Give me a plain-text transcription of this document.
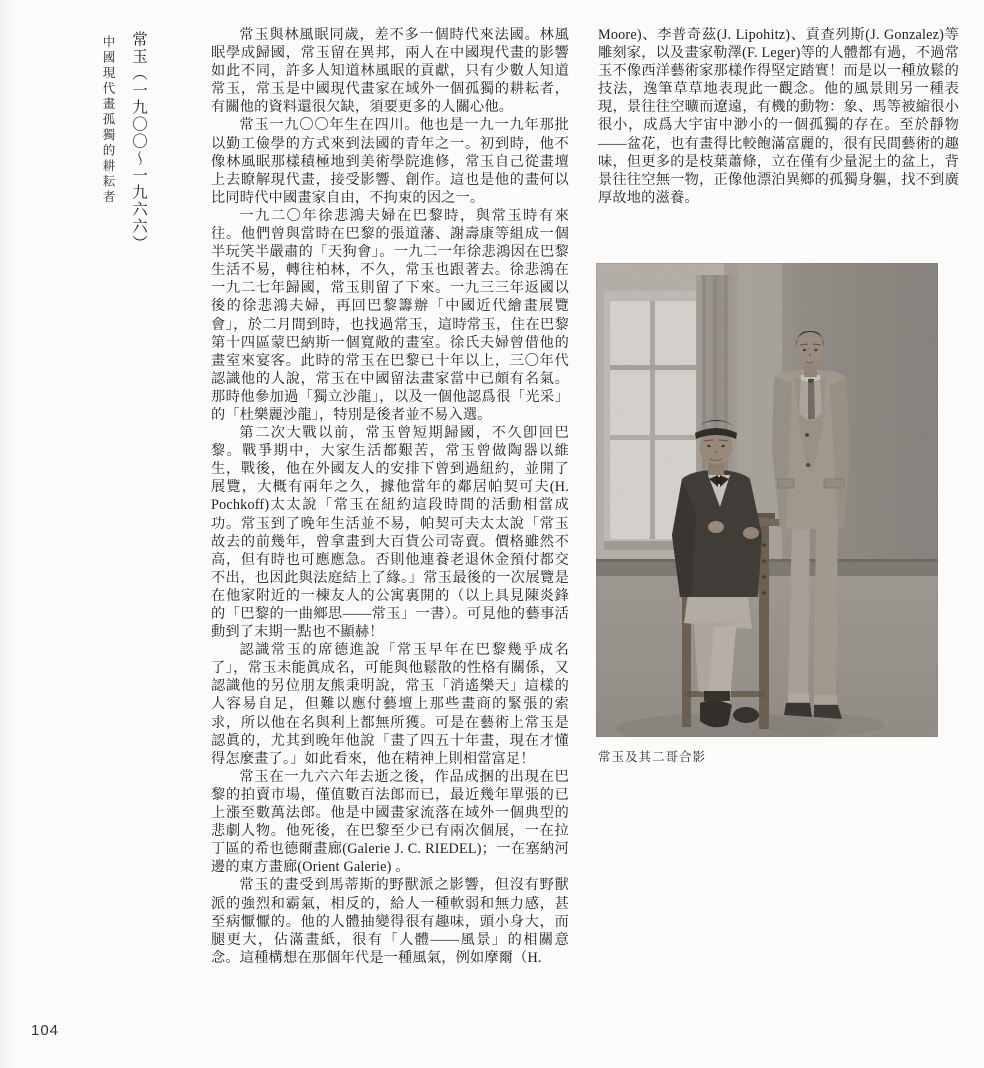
常玉（一九〇〇～一九六六）
中國現代畫孤獨的耕耘者	常玉與林風眠同歲，差不多一個時代來法國。林風眠學成歸國，常玉留在異邦，兩人在中國現代畫的影響如此不同，許多人知道林風眠的貢獻，只有少數人知道常玉，常玉是中國現代畫家在域外一個孤獨的耕耘者，有關他的資料還很欠缺，須要更多的人關心他。

常玉一九〇〇年生在四川。他也是一九一九年那批以勤工儉學的方式來到法國的青年之一。初到時，他不像林風眠那樣積極地到美術學院進修，常玉自己從畫壇上去瞭解現代畫，接受影響、創作。這也是他的畫何以比同時代中國畫家自由，不拘束的因之一。

一九二〇年徐悲鴻夫婦在巴黎時，與常玉時有來往。他們曾與當時在巴黎的張道藩、謝壽康等組成一個半玩笑半嚴肅的「天狗會」。一九二一年徐悲鴻因在巴黎生活不易，轉往柏林，不久，常玉也跟著去。徐悲鴻在一九二七年歸國，常玉則留了下來。一九三三年返國以後的徐悲鴻夫婦，再回巴黎籌辦「中國近代繪畫展覽會」，於二月間到時，也找過常玉，這時常玉，住在巴黎第十四區蒙巴納斯一個寬敞的畫室。徐氏夫婦曾借他的畫室來宴客。此時的常玉在巴黎已十年以上，三〇年代認識他的人說，常玉在中國留法畫家當中已頗有名氣。那時他參加過「獨立沙龍」，以及一個他認爲很「光采」的「杜樂麗沙龍」，特別是後者並不易入選。

第二次大戰以前，常玉曾短期歸國，不久卽回巴黎。戰爭期中，大家生活都艱苦，常玉曾做陶器以維生，戰後，他在外國友人的安排下曾到過紐約，並開了展覽，大概有兩年之久，據他當年的鄰居帕契可夫(H. Pochkoff)太太說「常玉在紐約這段時間的活動相當成功。常玉到了晚年生活並不易，帕契可夫太太說「常玉故去的前幾年，曾拿畫到大百貨公司寄賣。價格雖然不高，但有時也可應應急。否則他連養老退休金預付都交不出，也因此與法庭結上了緣。」常玉最後的一次展覽是在他家附近的一棟友人的公寓裏開的（以上具見陳炎鋒的「巴黎的一曲鄉思——常玉」一書）。可見他的藝事活動到了末期一點也不顯赫！

認識常玉的席德進說「常玉早年在巴黎幾乎成名了」，常玉未能眞成名，可能與他鬆散的性格有關係，又認識他的另位朋友熊秉明說，常玉「消遙樂天」這樣的人容易自足，但難以應付藝壇上那些畫商的緊張的索求，所以他在名與利上都無所獲。可是在藝術上常玉是認眞的，尤其到晚年他說「畫了四五十年畫，現在才懂得怎麼畫了。」如此看來，他在精神上則相當富足！

常玉在一九六六年去逝之後，作品成捆的出現在巴黎的拍賣市場，僅值數百法郎而已，最近幾年單張的已上漲至數萬法郎。他是中國畫家流落在域外一個典型的悲劇人物。他死後，在巴黎至少已有兩次個展，一在拉丁區的希也德爾畫廊(Galerie J. C. RIEDEL)；一在塞納河邊的東方畫廊(Orient Galerie) 。

常玉的畫受到馬蒂斯的野獸派之影響，但沒有野獸派的強烈和霸氣，相反的，給人一種軟弱和無力感，甚至病懨懨的。他的人體抽變得很有趣味，頭小身大，而腿更大，佔滿畫紙，很有「人體——風景」的相關意念。這種構想在那個年代是一種風氣，例如摩爾（H.

Moore)、李普奇茲(J. Lipohitz)、貢查列斯(J. Gonzalez)等雕刻家，以及畫家勒澤(F. Leger)等的人體都有過，不過常玉不像西洋藝術家那樣作得堅定踏實！而是以一種放鬆的技法，逸筆草草地表現此一觀念。他的風景則另一種表現，景往往空曠而遼遠，有機的動物：象、馬等被縮很小很小，成爲大宇宙中渺小的一個孤獨的存在。至於靜物——盆花，也有畫得比較飽滿富麗的，很有民間藝術的趣味，但更多的是枝葉蕭條，立在僅有少量泥土的盆上，背景往往空無一物，正像他漂泊異鄉的孤獨身軀，找不到廣厚故地的滋養。

常玉及其二哥合影
104
